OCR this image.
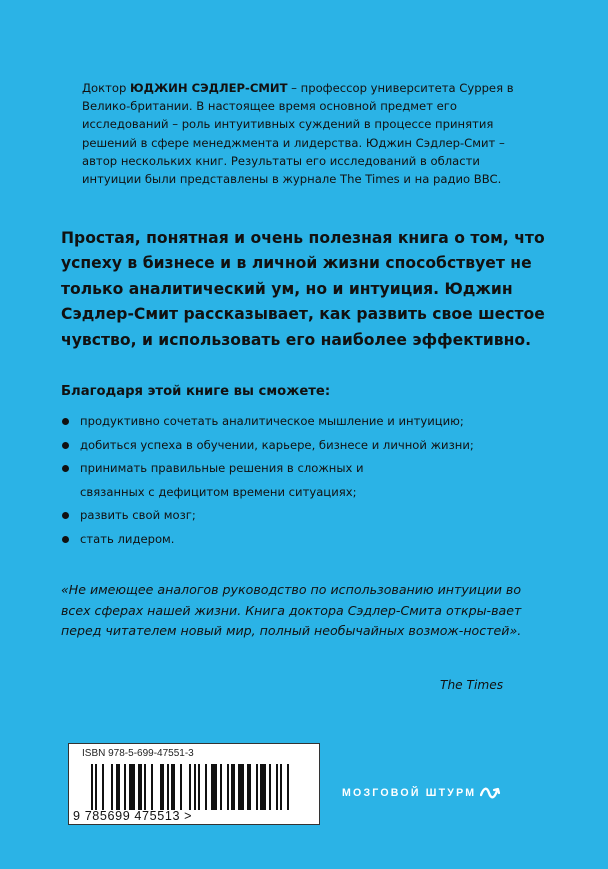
Доктор ЮДЖИН СЭДЛЕР-СМИТ – профессор университета Суррея в Велико-британии. В настоящее время основной предмет его исследований – роль интуитивных суждений в процессе принятия решений в сфере менеджмента и лидерства. Юджин Сэдлер-Смит – автор нескольких книг. Результаты его исследований в области интуиции были представлены в журнале The Times и на радио BBC.
Простая, понятная и очень полезная книга о том, что успеху в бизнесе и в личной жизни способствует не только аналитический ум, но и интуиция. Юджин Сэдлер-Смит рассказывает, как развить свое шестое чувство, и использовать его наиболее эффективно.
Благодаря этой книге вы сможете:
продуктивно сочетать аналитическое мышление и интуицию;
добиться успеха в обучении, карьере, бизнесе и личной жизни;
принимать правильные решения в сложных и связанных с дефицитом времени ситуациях;
развить свой мозг;
стать лидером.
«Не имеющее аналогов руководство по использованию интуиции во всех сферах нашей жизни. Книга доктора Сэдлер-Смита откры-вает перед читателем новый мир, полный необычайных возмож-ностей».
The Times
ISBN 978-5-699-47551-3
9 785699 475513 >
МОЗГОВОЙ ШТУРМ
